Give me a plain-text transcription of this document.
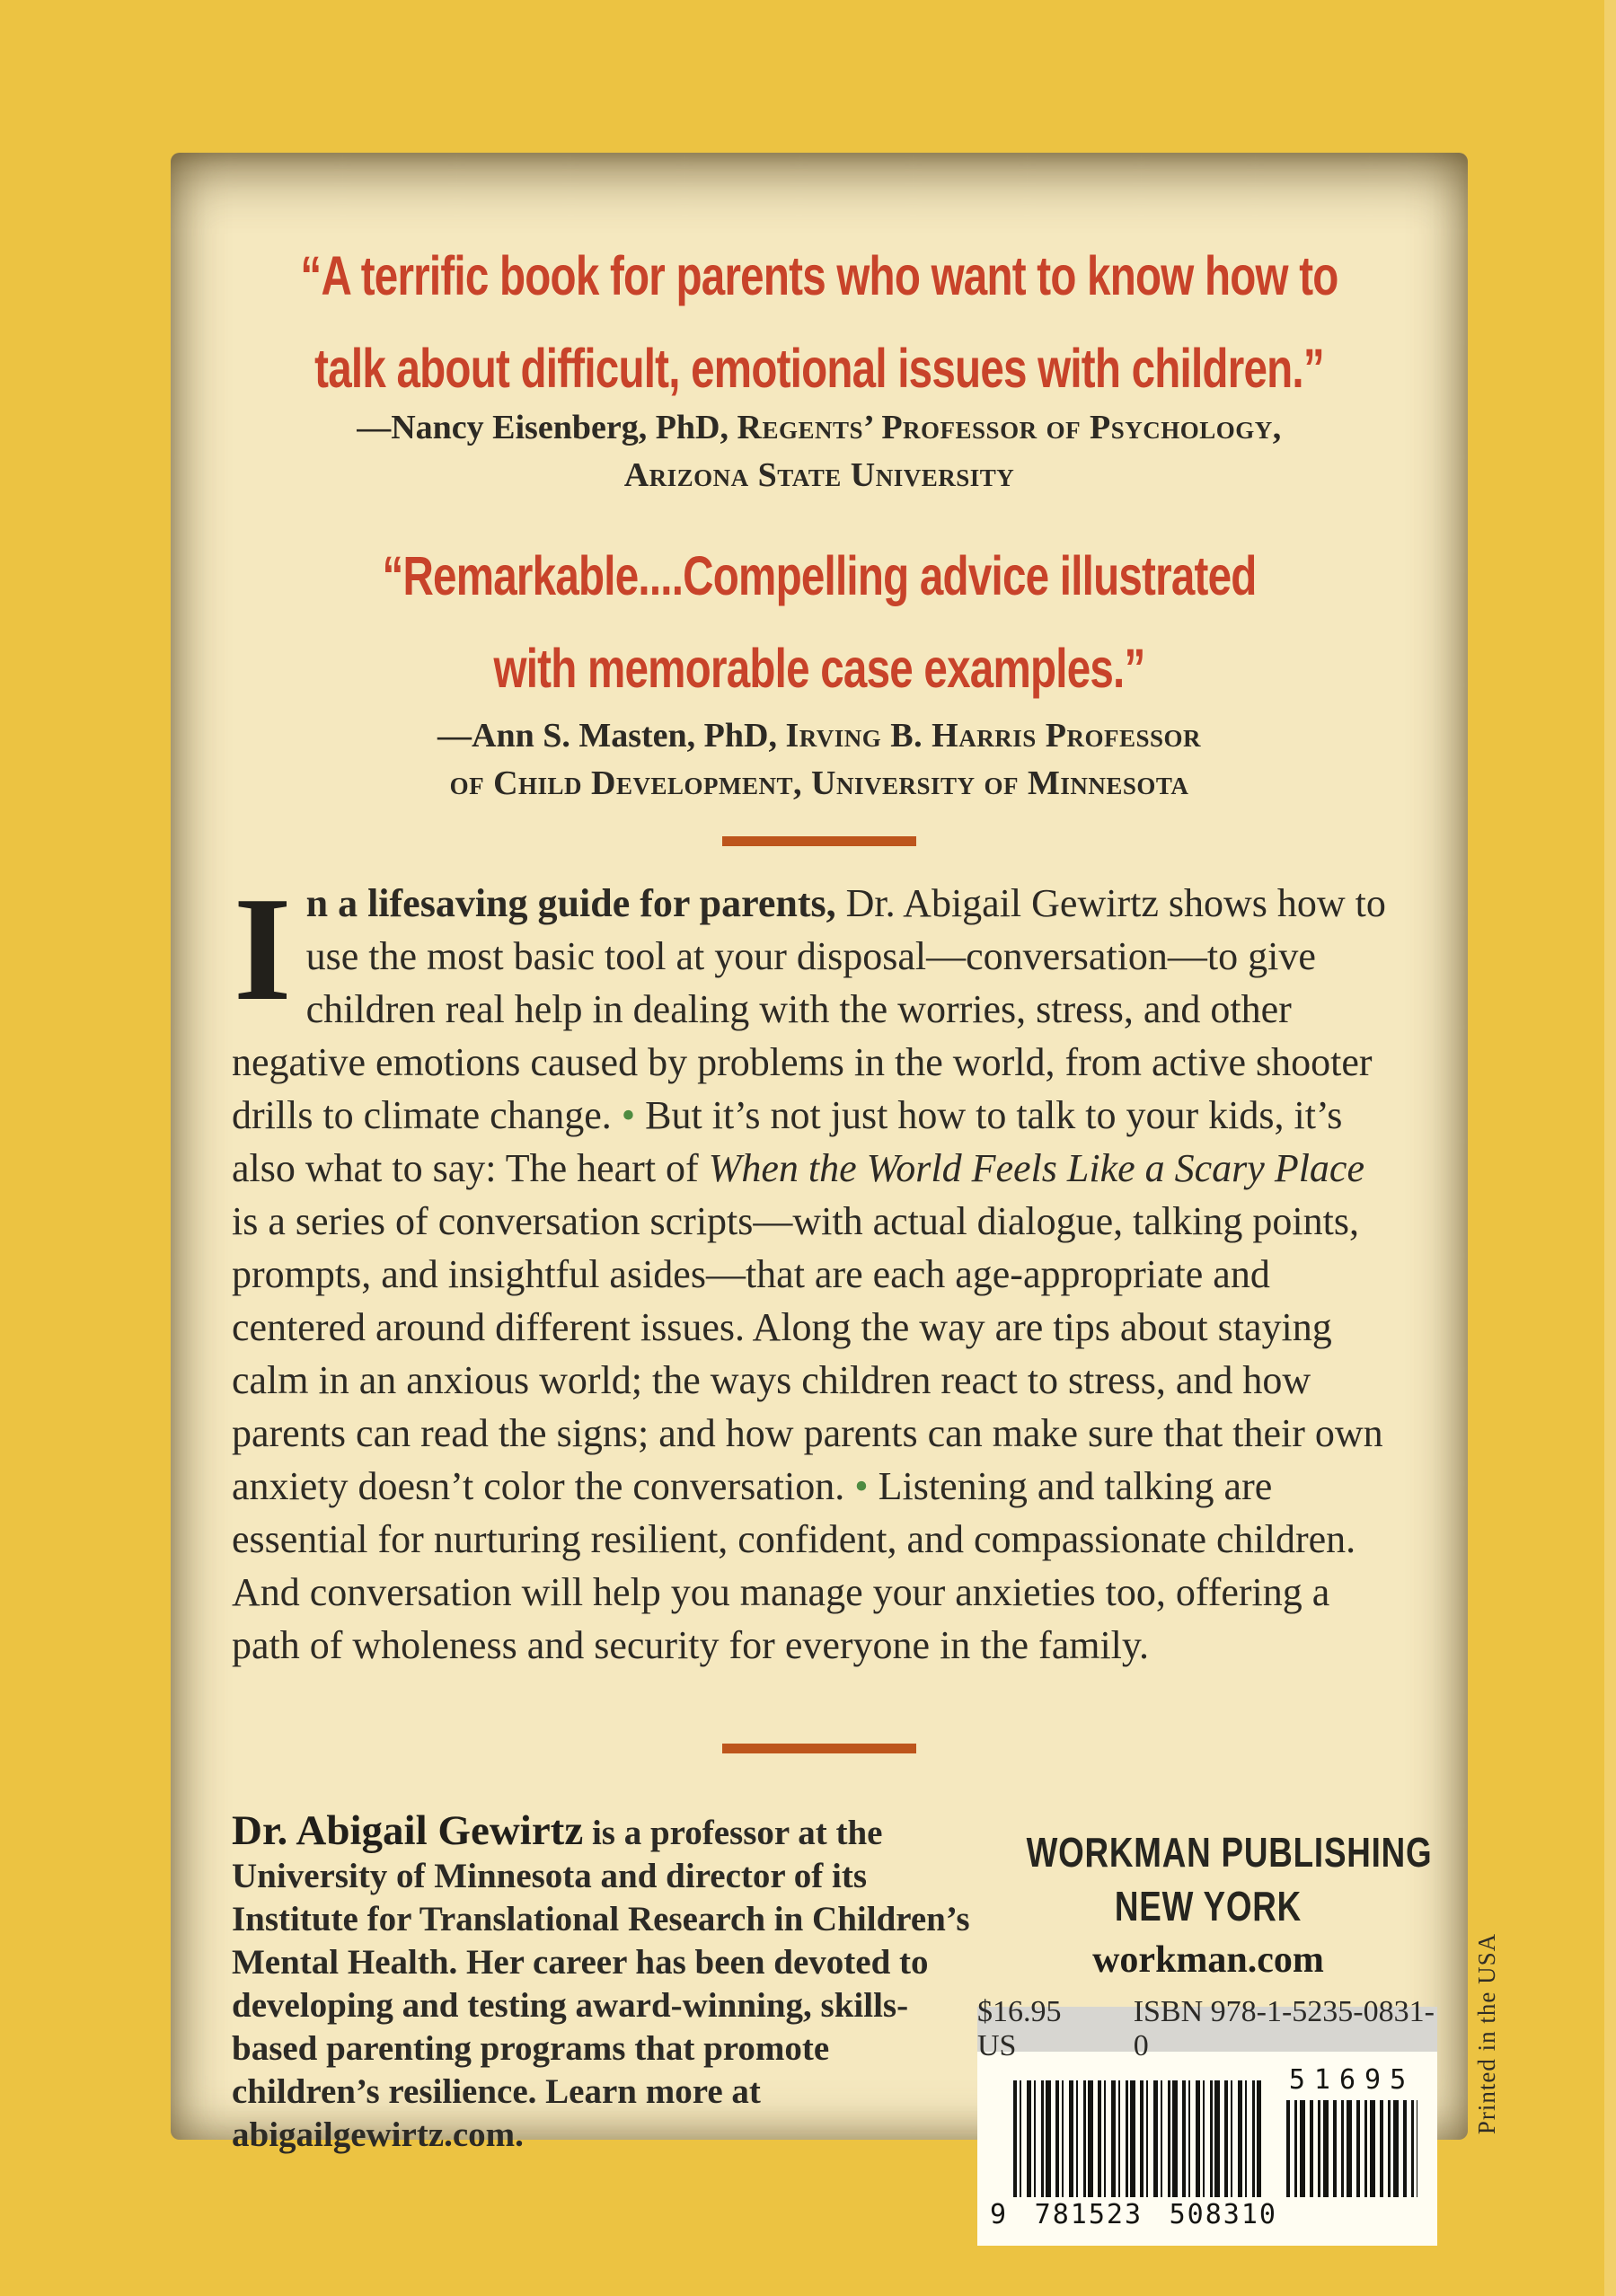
“A terrific book for parents who want to know how to
talk about difficult, emotional issues with children.”
—Nancy Eisenberg, PhD, Regents’ Professor of Psychology,
Arizona State University
“Remarkable....Compelling advice illustrated
with memorable case examples.”
—Ann S. Masten, PhD, Irving B. Harris Professor
of Child Development, University of Minnesota

In a lifesaving guide for parents, Dr. Abigail Gewirtz shows how to use the most basic tool at your disposal—conversation—to give children real help in dealing with the worries, stress, and other negative emotions caused by problems in the world, from active shooter drills to climate change. • But it’s not just how to talk to your kids, it’s also what to say: The heart of When the World Feels Like a Scary Place is a series of conversation scripts—with actual dialogue, talking points, prompts, and insightful asides—that are each age-appropriate and centered around different issues. Along the way are tips about staying calm in an anxious world; the ways children react to stress, and how parents can read the signs; and how parents can make sure that their own anxiety doesn’t color the conversation. • Listening and talking are essential for nurturing resilient, confident, and compassionate children. And conversation will help you manage your anxieties too, offering a path of wholeness and security for everyone in the family.

Dr. Abigail Gewirtz is a professor at the University of Minnesota and director of its Institute for Translational Research in Children’s Mental Health. Her career has been devoted to developing and testing award-winning, skills-based parenting programs that promote children’s resilience. Learn more at abigailgewirtz.com.

WORKMAN PUBLISHING
NEW YORK
workman.com
$16.95 US
ISBN 978-1-5235-0831-0
9 781523 508310
51695 Printed in the USA
